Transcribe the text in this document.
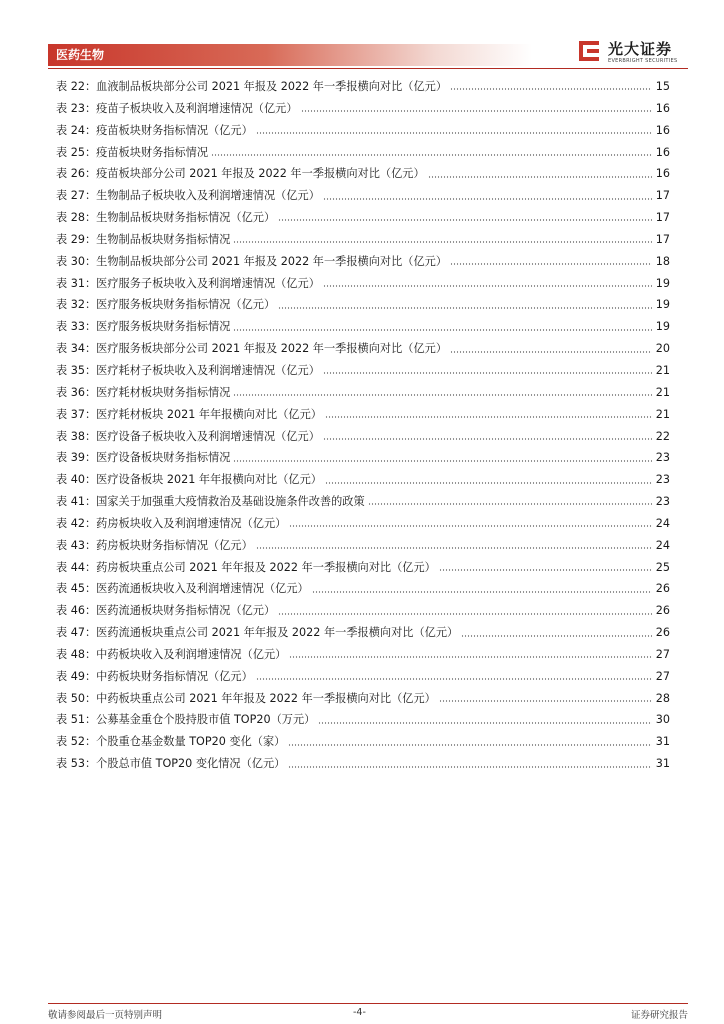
医药生物	光大证券
EVERBRIGHT SECURITIES
表 22：血液制品板块部分公司 2021 年报及 2022 年一季报横向对比（亿元）	15
表 23：疫苗子板块收入及利润增速情况（亿元）	16
表 24：疫苗板块财务指标情况（亿元）	16
表 25：疫苗板块财务指标情况	16
表 26：疫苗板块部分公司 2021 年报及 2022 年一季报横向对比（亿元）	16
表 27：生物制品子板块收入及利润增速情况（亿元）	17
表 28：生物制品板块财务指标情况（亿元）	17
表 29：生物制品板块财务指标情况	17
表 30：生物制品板块部分公司 2021 年报及 2022 年一季报横向对比（亿元）	18
表 31：医疗服务子板块收入及利润增速情况（亿元）	19
表 32：医疗服务板块财务指标情况（亿元）	19
表 33：医疗服务板块财务指标情况	19
表 34：医疗服务板块部分公司 2021 年报及 2022 年一季报横向对比（亿元）	20
表 35：医疗耗材子板块收入及利润增速情况（亿元）	21
表 36：医疗耗材板块财务指标情况	21
表 37：医疗耗材板块 2021 年年报横向对比（亿元）	21
表 38：医疗设备子板块收入及利润增速情况（亿元）	22
表 39：医疗设备板块财务指标情况	23
表 40：医疗设备板块 2021 年年报横向对比（亿元）	23
表 41：国家关于加强重大疫情救治及基础设施条件改善的政策	23
表 42：药房板块收入及利润增速情况（亿元）	24
表 43：药房板块财务指标情况（亿元）	24
表 44：药房板块重点公司 2021 年年报及 2022 年一季报横向对比（亿元）	25
表 45：医药流通板块收入及利润增速情况（亿元）	26
表 46：医药流通板块财务指标情况（亿元）	26
表 47：医药流通板块重点公司 2021 年年报及 2022 年一季报横向对比（亿元）	26
表 48：中药板块收入及利润增速情况（亿元）	27
表 49：中药板块财务指标情况（亿元）	27
表 50：中药板块重点公司 2021 年年报及 2022 年一季报横向对比（亿元）	28
表 51：公募基金重仓个股持股市值 TOP20（万元）	30
表 52：个股重仓基金数量 TOP20 变化（家）	31
表 53：个股总市值 TOP20 变化情况（亿元）	31
敬请参阅最后一页特别声明	-4-	证券研究报告
